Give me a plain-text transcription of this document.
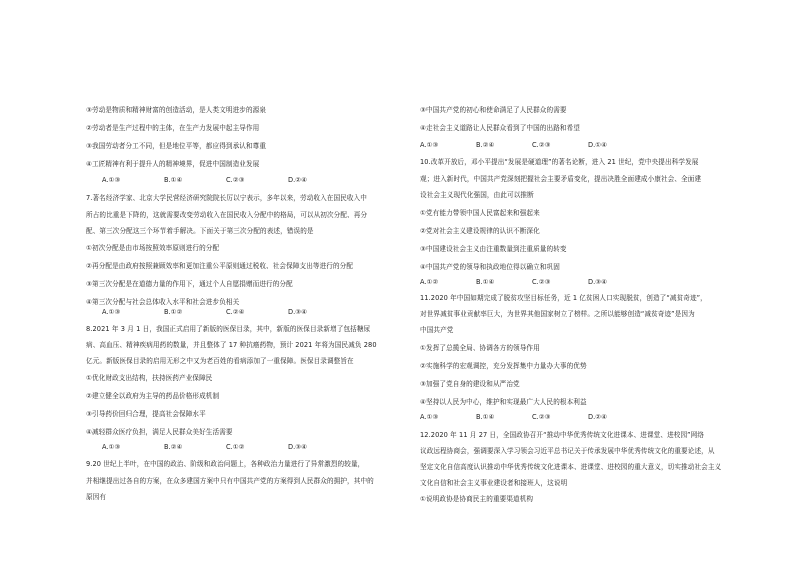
③劳动是物质和精神财富的创造活动，是人类文明进步的源泉
②劳动者是生产过程中的主体，在生产力发展中起主导作用
③我国劳动者分工不同，但是地位平等，都应得到承认和尊重
④工匠精神有利于提升人的精神境界，促进中国制造业发展
A.①③	B.①④	C.②③	D.②④
7.著名经济学家、北京大学民营经济研究院院长厉以宁表示，多年以来，劳动收入在国民收入中
所占的比重是下降的，这就需要改变劳动收入在国民收入分配中的格局，可以从初次分配、再分
配、第三次分配这三个环节着手解决。下面关于第三次分配的表述，错误的是
①初次分配是由市场按照效率原则进行的分配
②再分配是由政府按照兼顾效率和更加注重公平原则通过税收、社会保障支出等进行的分配
③第三次分配是在道德力量的作用下，通过个人自愿捐赠而进行的分配
④第三次分配与社会总体收入水平和社会进步负相关
A.①③	B.①②	C.②④	D.③④
8.2021 年 3 月 1 日，我国正式启用了新版的医保目录，其中，新版的医保目录新增了包括糖尿
病、高血压、精神疾病用药的数量，并且整体了 17 种抗癌药物，预计 2021 年将为国民减负 280
亿元。新版医保目录的启用无形之中又为老百姓的看病添加了一重保障。医保目录调整旨在
①优化财政支出结构，扶持医药产业保障民
②建立健全以政府为主导的药品价格形成机制
③引导药价回归合理，提高社会保障水平
④减轻群众医疗负担，满足人民群众美好生活需要
A.①③	B.②④	C.①②	D.③④
9.20 世纪上半叶，在中国的政治、阶级和政治问题上，各种政治力量进行了异常激烈的较量，
并相继提出过各自的方案，在众多建国方案中只有中国共产党的方案得到人民群众的拥护，其中的
原因有
③中国共产党的初心和使命满足了人民群众的需要
④走社会主义道路让人民群众看到了中国的出路和希望
A.①③	B.②④	C.②③	D.①④
10.改革开放后，邓小平提出“发展是硬道理”的著名论断，进入 21 世纪，党中央提出科学发展
观；进入新时代，中国共产党深刻把握社会主要矛盾变化，提出决胜全面建成小康社会、全面建
设社会主义现代化强国，由此可以推断
①党有能力带领中国人民富起来和强起来
②党对社会主义建设规律的认识不断深化
③中国建设社会主义由注重数量到注重质量的转变
④中国共产党的领导和执政地位得以确立和巩固
A.①②	B.①④	C.②③	D.③④
11.2020 年中国如期完成了脱贫攻坚目标任务，近 1 亿贫困人口实现脱贫，创造了“减贫奇迹”，
对世界减贫事业贡献率巨大，为世界其他国家树立了榜样。之所以能够创造“减贫奇迹”是因为
中国共产党
①发挥了总揽全局、协调各方的领导作用
②实施科学的宏观调控，充分发挥集中力量办大事的优势
③加强了党自身的建设和从严治党
④坚持以人民为中心，维护和实现最广大人民的根本利益
A.①③	B.①④	C.②③	D.②④
12.2020 年 11 月 27 日，全国政协召开“推动中华优秀传统文化进课本、进课堂、进校园”网络
议政远程协商会，强调要深入学习领会习近平总书记关于传承发展中华优秀传统文化的重要论述，从
坚定文化自信高度认识推动中华优秀传统文化进课本、进课堂、进校园的重大意义，切实推动社会主义
文化自信和社会主义事业建设者和接班人，这说明
①说明政协是协商民主的重要渠道机构
